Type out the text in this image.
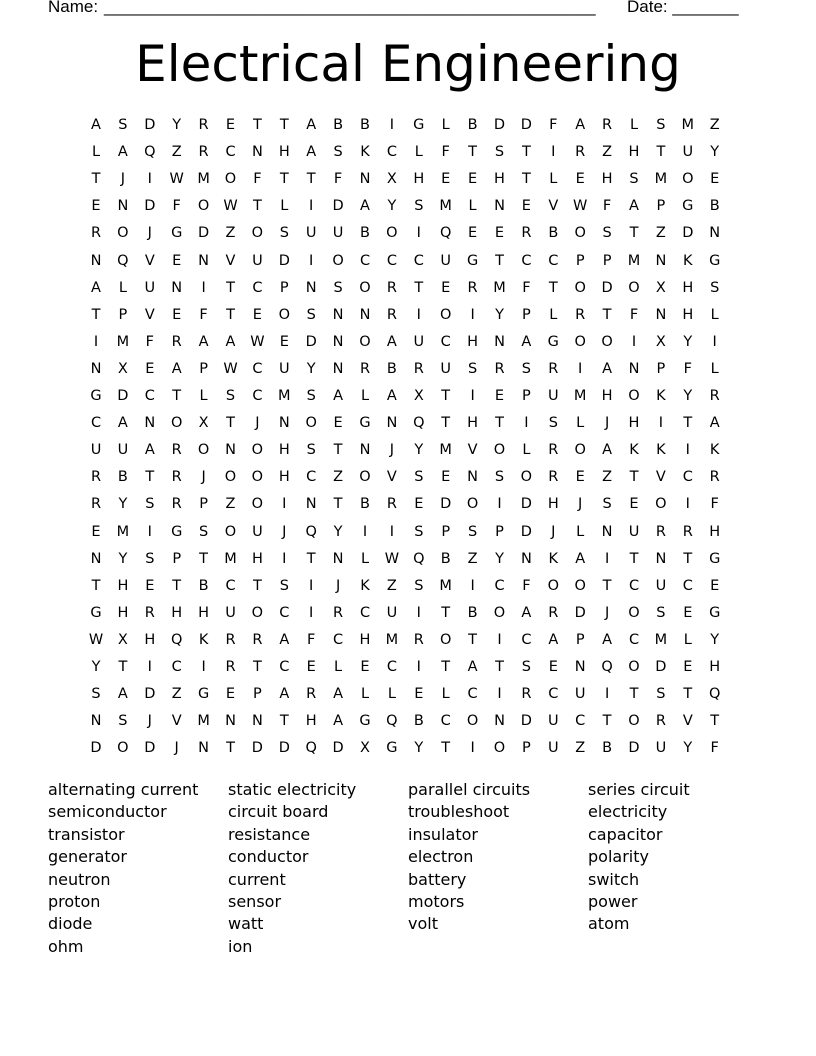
Name: ____________________________________________________ Date: _______
Electrical Engineering
A	S	D	Y	R	E	T	T	A	B	B	I	G	L	B	D	D	F	A	R	L	S	M	Z
L	A	Q	Z	R	C	N	H	A	S	K	C	L	F	T	S	T	I	R	Z	H	T	U	Y
T	J	I	W M O	F	T	T	F	N	X	H	E	E	H	T	L	E	H	S	M O	E
E	N	D	F	O W	T	L	I	D	A	Y	S	M	L	N	E	V	W	F	A	P	G	B
R	O	J	G	D	Z	O	S	U	U	B	O	I	Q	E	E	R	B	O	S	T	Z	D	N
N	Q	V	E	N	V	U	D	I	O	C	C	C	U	G	T	C	C	P	P	M	N	K	G
A	L	U	N	I	T	C	P	N	S	O	R	T	E	R	M	F	T	O	D	O	X	H	S
T	P	V	E	F	T	E	O	S	N	N	R	I	O	I	Y	P	L	R	T	F	N	H	L
I	M	F	R	A	A	W	E	D	N	O	A	U	C	H	N	A	G	O O	I	X	Y	I
N	X	E	A	P	W	C	U	Y	N	R	B	R	U	S	R	S	R	I	A	N	P	F	L
G	D	C	T	L	S	C	M	S	A	L	A	X	T	I	E	P	U	M	H	O	K	Y	R
C	A	N	O	X	T	J	N	O	E	G	N	Q	T	H	T	I	S	L	J	H	I	T	A
U	U	A	R	O	N	O	H	S	T	N	J	Y	M	V	O	L	R	O	A	K	K	I	K
R	B	T	R	J	O O	H	C	Z	O	V	S	E	N	S	O	R	E	Z	T	V	C	R
R	Y	S	R	P	Z	O	I	N	T	B	R	E	D	O	I	D	H	J	S	E	O	I	F
E	M	I	G	S	O	U	J	Q	Y	I	I	S	P	S	P	D	J	L	N	U	R	R	H
N	Y	S	P	T	M	H	I	T	N	L	W Q	B	Z	Y	N	K	A	I	T	N	T	G
T	H	E	T	B	C	T	S	I	J	K	Z	S	M	I	C	F	O O	T	C	U	C	E
G	H	R	H	H	U	O	C	I	R	C	U	I	T	B	O	A	R	D	J	O	S	E	G
W	X	H	Q	K	R	R	A	F	C	H	M	R	O	T	I	C	A	P	A	C	M	L	Y
Y	T	I	C	I	R	T	C	E	L	E	C	I	T	A	T	S	E	N	Q O	D	E	H
S	A	D	Z	G	E	P	A	R	A	L	L	E	L	C	I	R	C	U	I	T	S	T	Q
N	S	J	V	M	N	N	T	H	A	G	Q	B	C	O	N	D	U	C	T	O	R	V	T
D	O	D	J	N	T	D	D	Q	D	X	G	Y	T	I	O	P	U	Z	B	D	U	Y	F
alternating current
semiconductor
transistor
generator
neutron
proton
diode
ohm
static electricity
circuit board
resistance
conductor
current
sensor
watt
ion
parallel circuits
troubleshoot
insulator
electron
battery
motors
volt
series circuit
electricity
capacitor
polarity
switch
power
atom
